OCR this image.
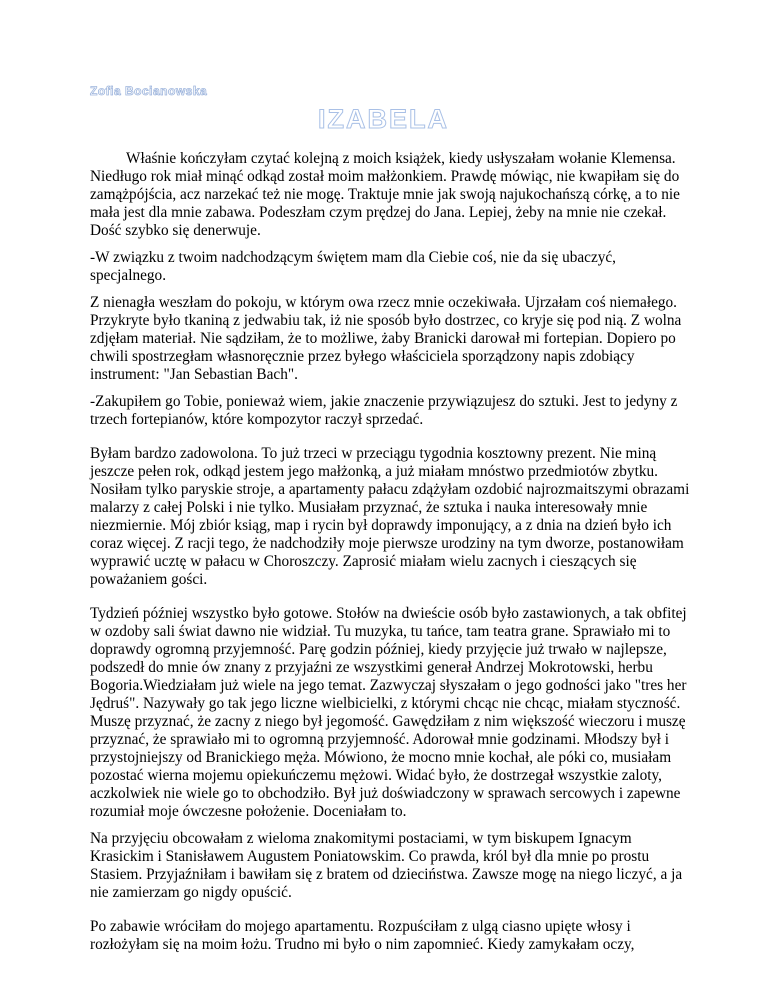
Zofia Bocianowska
IZABELA

Właśnie kończyłam czytać kolejną z moich książek, kiedy usłyszałam wołanie Klemensa. Niedługo rok miał minąć odkąd został moim małżonkiem. Prawdę mówiąc, nie kwapiłam się do zamążpójścia, acz narzekać też nie mogę. Traktuje mnie jak swoją najukochańszą córkę, a to nie mała jest dla mnie zabawa. Podeszłam czym prędzej do Jana. Lepiej, żeby na mnie nie czekał. Dość szybko się denerwuje.

-W związku z twoim nadchodzącym świętem mam dla Ciebie coś, nie da się ubaczyć, specjalnego.

Z nienagła weszłam do pokoju, w którym owa rzecz mnie oczekiwała. Ujrzałam coś niemałego. Przykryte było tkaniną z jedwabiu tak, iż nie sposób było dostrzec, co kryje się pod nią. Z wolna zdjęłam materiał. Nie sądziłam, że to możliwe, żaby Branicki darował mi fortepian. Dopiero po chwili spostrzegłam własnoręcznie przez byłego właściciela sporządzony napis zdobiący instrument: "Jan Sebastian Bach".

-Zakupiłem go Tobie, ponieważ wiem, jakie znaczenie przywiązujesz do sztuki. Jest to jedyny z trzech fortepianów, które kompozytor raczył sprzedać.

Byłam bardzo zadowolona. To już trzeci w przeciągu tygodnia kosztowny prezent. Nie miną jeszcze pełen rok, odkąd jestem jego małżonką, a już miałam mnóstwo przedmiotów zbytku. Nosiłam tylko paryskie stroje, a apartamenty pałacu zdążyłam ozdobić najrozmaitszymi obrazami malarzy z całej Polski i nie tylko. Musiałam przyznać, że sztuka i nauka interesowały mnie niezmiernie. Mój zbiór ksiąg, map i rycin był doprawdy imponujący, a z dnia na dzień było ich coraz więcej. Z racji tego, że nadchodziły moje pierwsze urodziny na tym dworze, postanowiłam wyprawić ucztę w pałacu w Choroszczy. Zaprosić miałam wielu zacnych i cieszących się poważaniem gości.

Tydzień później wszystko było gotowe. Stołów na dwieście osób było zastawionych, a tak obfitej w ozdoby sali świat dawno nie widział. Tu muzyka, tu tańce, tam teatra grane. Sprawiało mi to doprawdy ogromną przyjemność. Parę godzin później, kiedy przyjęcie już trwało w najlepsze, podszedł do mnie ów znany z przyjaźni ze wszystkimi generał Andrzej Mokrotowski, herbu Bogoria.Wiedziałam już wiele na jego temat. Zazwyczaj słyszałam o jego godności jako "tres her Jędruś". Nazywały go tak jego liczne wielbicielki, z którymi chcąc nie chcąc, miałam styczność. Muszę przyznać, że zacny z niego był jegomość. Gawędziłam z nim większość wieczoru i muszę przyznać, że sprawiało mi to ogromną przyjemność. Adorował mnie godzinami. Młodszy był i przystojniejszy od Branickiego męża. Mówiono, że mocno mnie kochał, ale póki co, musiałam pozostać wierna mojemu opiekuńczemu mężowi. Widać było, że dostrzegał wszystkie zaloty, aczkolwiek nie wiele go to obchodziło. Był już doświadczony w sprawach sercowych i zapewne rozumiał moje ówczesne położenie. Doceniałam to.

Na przyjęciu obcowałam z wieloma znakomitymi postaciami, w tym biskupem Ignacym Krasickim i Stanisławem Augustem Poniatowskim. Co prawda, król był dla mnie po prostu Stasiem. Przyjaźniłam i bawiłam się z bratem od dzieciństwa. Zawsze mogę na niego liczyć, a ja nie zamierzam go nigdy opuścić.

Po zabawie wróciłam do mojego apartamentu. Rozpuściłam z ulgą ciasno upięte włosy i rozłożyłam się na moim łożu. Trudno mi było o nim zapomnieć. Kiedy zamykałam oczy,
